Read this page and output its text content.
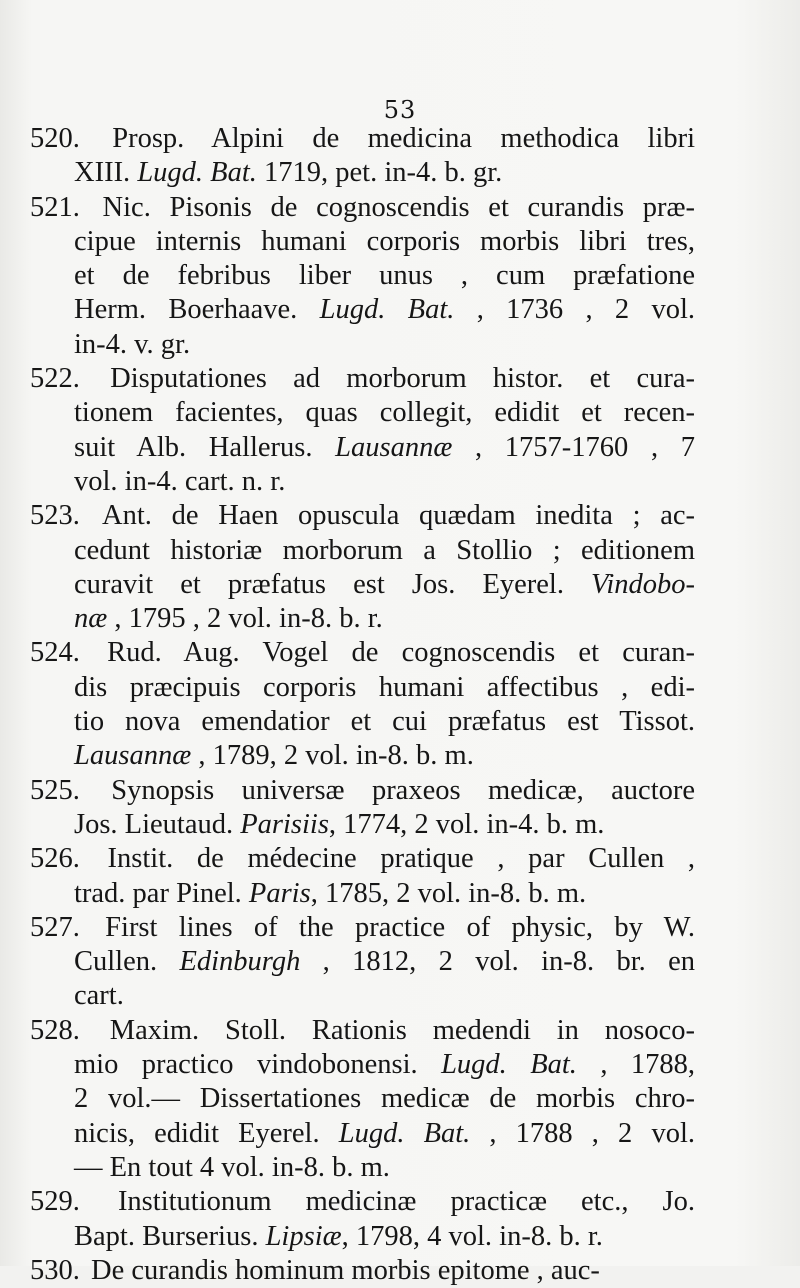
53
520. Prosp. Alpini de medicina methodica libri
XIII. Lugd. Bat. 1719, pet. in-4. b. gr.
521. Nic. Pisonis de cognoscendis et curandis præ-
cipue internis humani corporis morbis libri tres,
et de febribus liber unus , cum præfatione
Herm. Boerhaave. Lugd. Bat. , 1736 , 2 vol.
in-4. v. gr.
522. Disputationes ad morborum histor. et cura-
tionem facientes, quas collegit, edidit et recen-
suit Alb. Hallerus. Lausannæ , 1757-1760 , 7
vol. in-4. cart. n. r.
523. Ant. de Haen opuscula quædam inedita ; ac-
cedunt historiæ morborum a Stollio ; editionem
curavit et præfatus est Jos. Eyerel. Vindobo-
næ , 1795 , 2 vol. in-8. b. r.
524. Rud. Aug. Vogel de cognoscendis et curan-
dis præcipuis corporis humani affectibus , edi-
tio nova emendatior et cui præfatus est Tissot.
Lausannæ , 1789, 2 vol. in-8. b. m.
525. Synopsis universæ praxeos medicæ, auctore
Jos. Lieutaud. Parisiis, 1774, 2 vol. in-4. b. m.
526. Instit. de médecine pratique , par Cullen ,
trad. par Pinel. Paris, 1785, 2 vol. in-8. b. m.
527. First lines of the practice of physic, by W.
Cullen. Edinburgh , 1812, 2 vol. in-8. br. en
cart.
528. Maxim. Stoll. Rationis medendi in nosoco-
mio practico vindobonensi. Lugd. Bat. , 1788,
2 vol.— Dissertationes medicæ de morbis chro-
nicis, edidit Eyerel. Lugd. Bat. , 1788 , 2 vol.
— En tout 4 vol. in-8. b. m.
529. Institutionum medicinæ practicæ etc., Jo.
Bapt. Burserius. Lipsiæ, 1798, 4 vol. in-8. b. r.
530. De curandis hominum morbis epitome , auc-
